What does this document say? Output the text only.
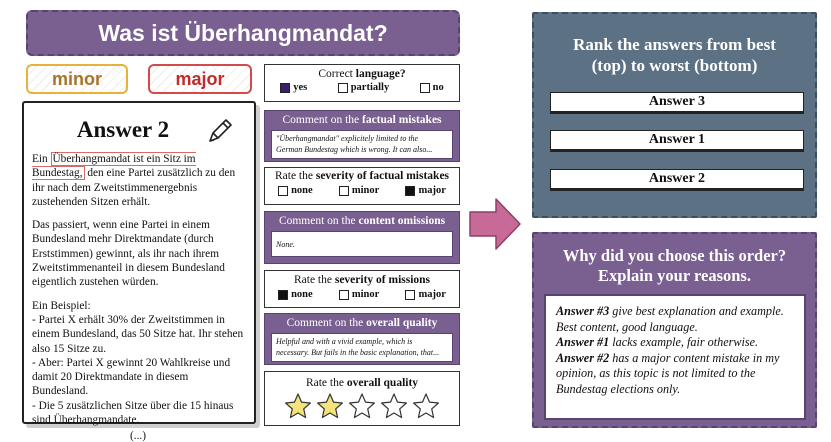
Was ist Überhangmandat?
minor	major
Answer 2
Ein Überhangmandat ist ein Sitz im Bundestag, den eine Partei zusätzlich zu den ihr nach dem Zweitstimmenergebnis zustehenden Sitzen erhält.
Das passiert, wenn eine Partei in einem Bundesland mehr Direktmandate (durch Erststimmen) gewinnt, als ihr nach ihrem Zweitstimmenanteil in diesem Bundesland eigentlich zustehen würden.
Ein Beispiel:
- Partei X erhält 30% der Zweitstimmen in einem Bundesland, das 50 Sitze hat. Ihr stehen also 15 Sitze zu.
- Aber: Partei X gewinnt 20 Wahlkreise und damit 20 Direktmandate in diesem Bundesland.
- Die 5 zusätzlichen Sitze über die 15 hinaus sind Überhangmandate.
(...)
Correct language?
yes	partially	no
Comment on the factual mistakes
"Überhangmandat" explicitely limited to the
German Bundestag which is wrong. It can also...
Rate the severity of factual mistakes
none	minor	major
Comment on the content omissions
None.
Rate the severity of missions
none	minor	major
Comment on the overall quality
Helpful and with a vivid example, which is
necessary. But fails in the basic explanation, that...
Rate the overall quality
Rank the answers from best
(top) to worst (bottom)
Answer 3
Answer 1
Answer 2
Why did you choose this order?
Explain your reasons.
Answer #3 give best explanation and example. Best content, good language.
Answer #1 lacks example, fair otherwise.
Answer #2 has a major content mistake in my opinion, as this topic is not limited to the Bundestag elections only.
